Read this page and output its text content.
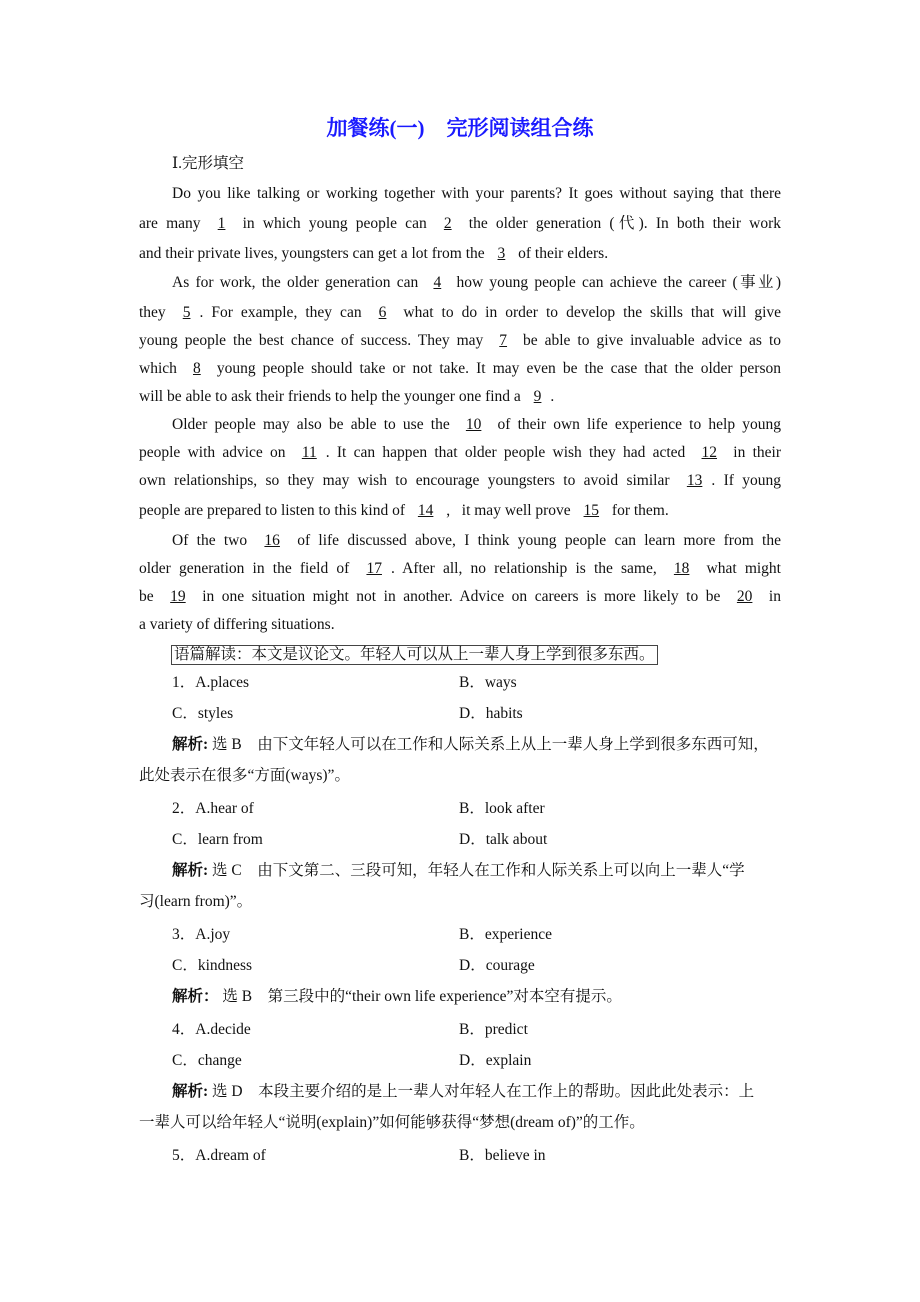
加餐练(一) 完形阅读组合练
Ⅰ.完形填空
Do you like talking or working together with your parents? It goes without saying that there
are many 1 in which young people can 2 the older generation (代). In both their work
and their private lives, youngsters can get a lot from the 3 of their elders.
As for work, the older generation can 4 how young people can achieve the career (事业)
they 5 . For example, they can 6 what to do in order to develop the skills that will give
young people the best chance of success. They may 7 be able to give invaluable advice as to
which 8 young people should take or not take. It may even be the case that the older person
will be able to ask their friends to help the younger one find a 9 .
Older people may also be able to use the 10 of their own life experience to help young
people with advice on 11 . It can happen that older people wish they had acted 12 in their
own relationships, so they may wish to encourage youngsters to avoid similar 13 . If young
people are prepared to listen to this kind of 14 ,   it may well prove 15 for them.
Of the two 16 of life discussed above, I think young people can learn more from the
older generation in the field of 17 . After all, no relationship is the same, 18 what might
be 19 in one situation might not in another. Advice on careers is more likely to be 20 in
a variety of differing situations.
语篇解读：本文是议论文。年轻人可以从上一辈人身上学到很多东西。
1．A.places	B．ways
C．styles	D．habits
解析: 选 B　由下文年轻人可以在工作和人际关系上从上一辈人身上学到很多东西可知，
此处表示在很多“方面(ways)”。
2．A.hear of	B．look after
C．learn from	D．talk about
解析: 选 C　由下文第二、三段可知，年轻人在工作和人际关系上可以向上一辈人“学
习(learn from)”。
3．A.joy	B．experience
C．kindness	D．courage
解析： 选 B　第三段中的“their own life experience”对本空有提示。
4．A.decide	B．predict
C．change	D．explain
解析: 选 D　本段主要介绍的是上一辈人对年轻人在工作上的帮助。因此此处表示：上
一辈人可以给年轻人“说明(explain)”如何能够获得“梦想(dream of)”的工作。
5．A.dream of	B．believe in
